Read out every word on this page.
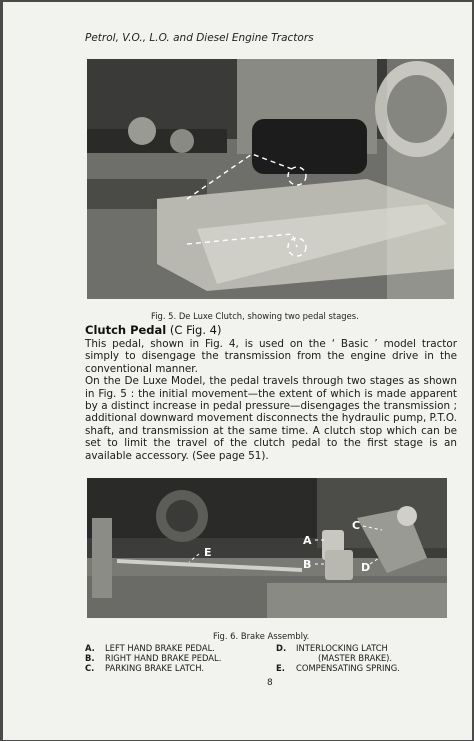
Petrol, V.O., L.O. and Diesel Engine Tractors
Fig. 5. De Luxe Clutch, showing two pedal stages.
Clutch Pedal (C Fig. 4)

This pedal, shown in Fig. 4, is used on the ‘ Basic ’ model tractor simply to disengage the transmission from the engine drive in the conventional manner.

On the De Luxe Model, the pedal travels through two stages as shown in Fig. 5 : the initial movement—the extent of which is made apparent by a distinct increase in pedal pressure—disengages the transmission ; additional downward movement disconnects the hydraulic pump, P.T.O. shaft, and transmission at the same time. A clutch stop which can be set to limit the travel of the clutch pedal to the first stage is an available accessory. (See page 51).

A
B
C
D
E
Fig. 6. Brake Assembly.
A. LEFT HAND BRAKE PEDAL.
B. RIGHT HAND BRAKE PEDAL.
C. PARKING BRAKE LATCH.
D. INTERLOCKING LATCH
(MASTER BRAKE).
E. COMPENSATING SPRING.
8
